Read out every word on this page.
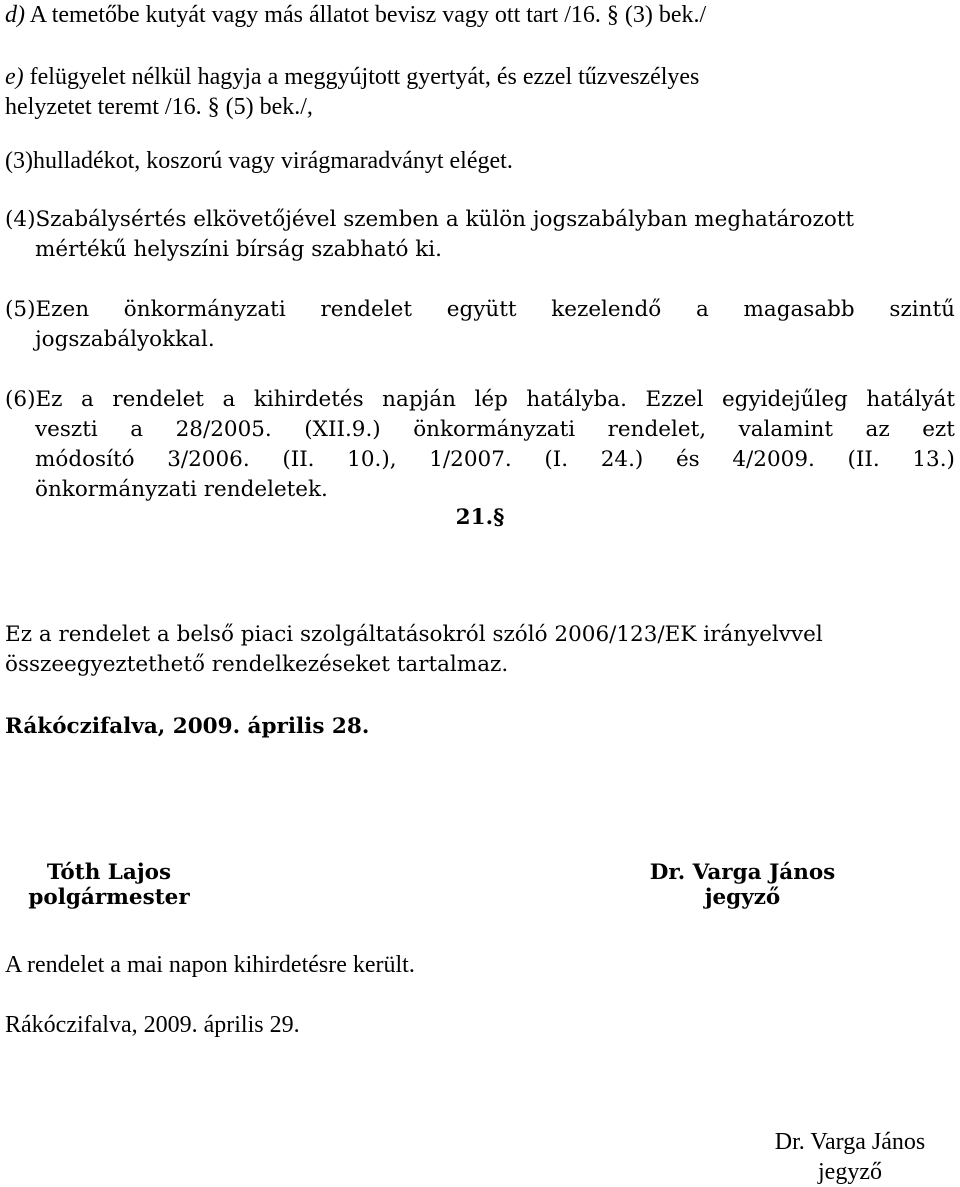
d) A temetőbe kutyát vagy más állatot bevisz vagy ott tart /16. § (3) bek./
e) felügyelet nélkül hagyja a meggyújtott gyertyát, és ezzel tűzveszélyes
helyzetet teremt /16. § (5) bek./,
(3)hulladékot, koszorú vagy virágmaradványt eléget.
(4)Szabálysértés elkövetőjével szemben a külön jogszabályban meghatározott
mértékű helyszíni bírság szabható ki.
(5)Ezen önkormányzati rendelet együtt kezelendő a magasabb szintű
jogszabályokkal.
(6)Ez a rendelet a kihirdetés napján lép hatályba. Ezzel egyidejűleg hatályát
veszti a 28/2005. (XII.9.) önkormányzati rendelet, valamint az ezt
módosító 3/2006. (II. 10.), 1/2007. (I. 24.) és 4/2009. (II. 13.)
önkormányzati rendeletek.
21.§
Ez a rendelet a belső piaci szolgáltatásokról szóló 2006/123/EK irányelvvel
összeegyeztethető rendelkezéseket tartalmaz.
Rákóczifalva, 2009. április 28.
Tóth Lajos
polgármester
Dr. Varga János
jegyző
A rendelet a mai napon kihirdetésre került.
Rákóczifalva, 2009. április 29.
Dr. Varga János
jegyző
